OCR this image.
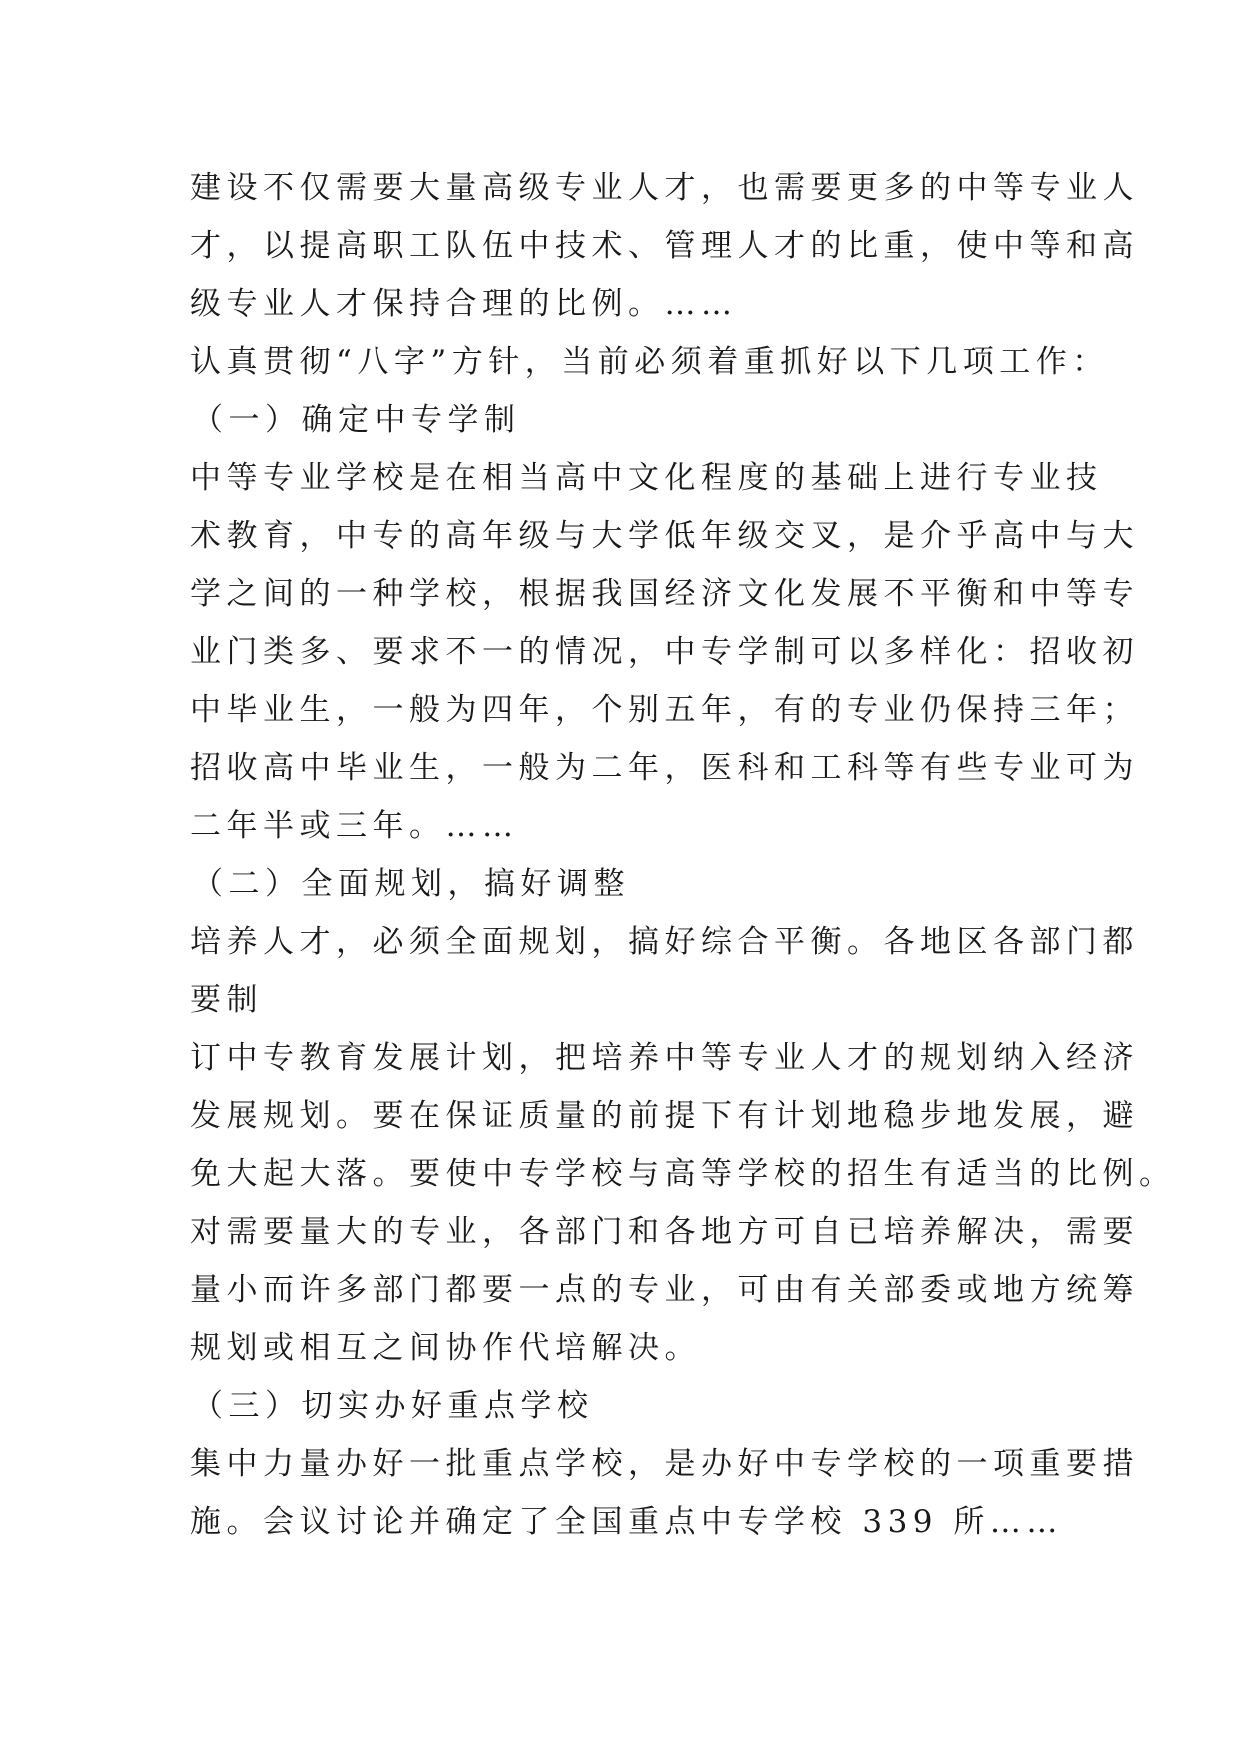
建设不仅需要大量高级专业人才，也需要更多的中等专业人
才，以提高职工队伍中技术、管理人才的比重，使中等和高
级专业人才保持合理的比例。……
认真贯彻“八字”方针，当前必须着重抓好以下几项工作：
（一）确定中专学制
中等专业学校是在相当高中文化程度的基础上进行专业技
术教育，中专的高年级与大学低年级交叉，是介乎高中与大
学之间的一种学校，根据我国经济文化发展不平衡和中等专
业门类多、要求不一的情况，中专学制可以多样化：招收初
中毕业生，一般为四年，个别五年，有的专业仍保持三年；
招收高中毕业生，一般为二年，医科和工科等有些专业可为
二年半或三年。……
（二）全面规划，搞好调整
培养人才，必须全面规划，搞好综合平衡。各地区各部门都
要制
订中专教育发展计划，把培养中等专业人才的规划纳入经济
发展规划。要在保证质量的前提下有计划地稳步地发展，避
免大起大落。要使中专学校与高等学校的招生有适当的比例。
对需要量大的专业，各部门和各地方可自已培养解决，需要
量小而许多部门都要一点的专业，可由有关部委或地方统筹
规划或相互之间协作代培解决。
（三）切实办好重点学校
集中力量办好一批重点学校，是办好中专学校的一项重要措
施。会议讨论并确定了全国重点中专学校 339 所……
